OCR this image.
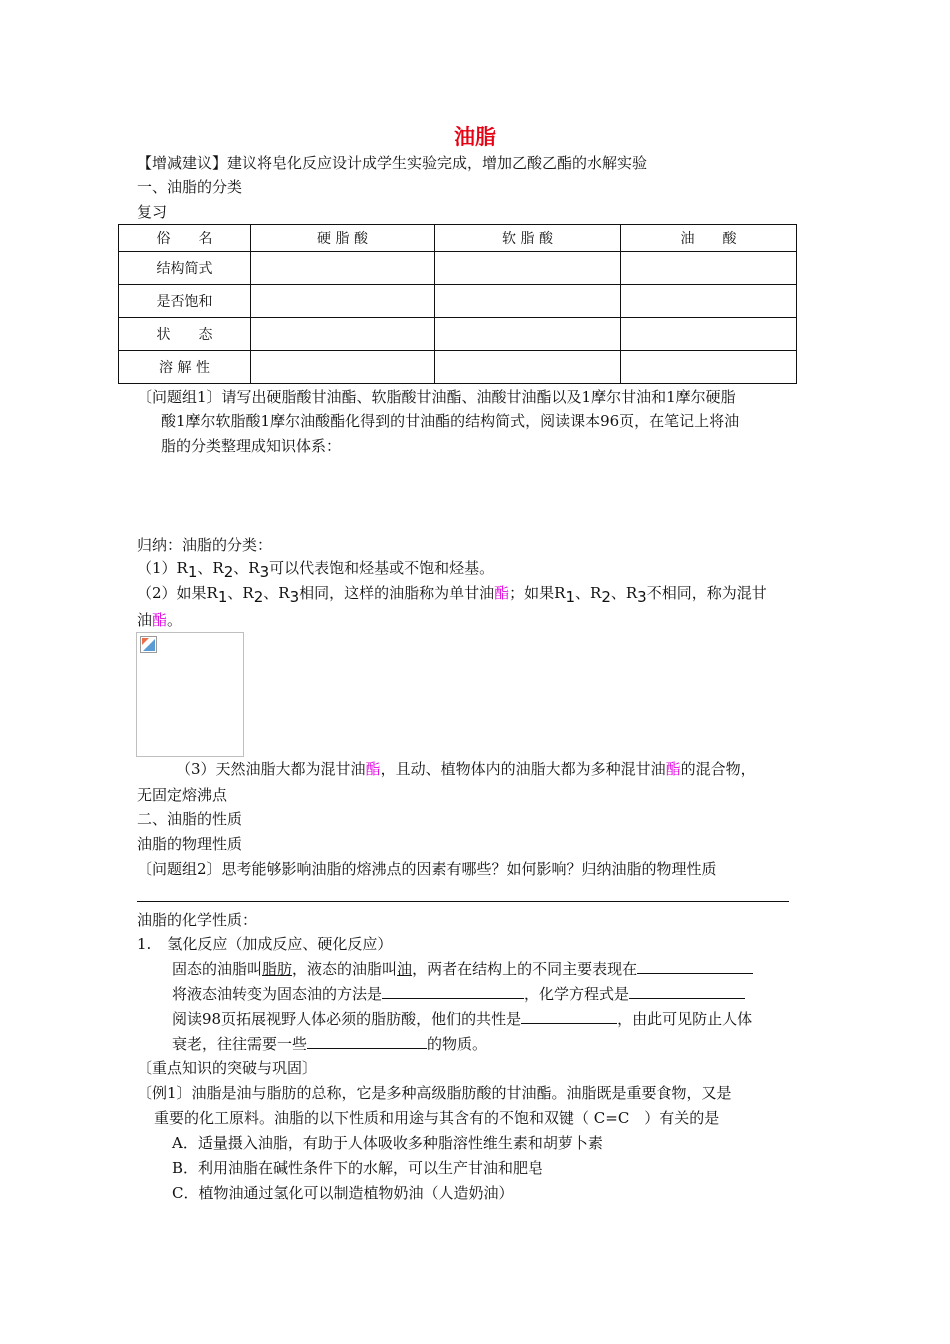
油脂
【增减建议】建议将皂化反应设计成学生实验完成，增加乙酸乙酯的水解实验
一、油脂的分类
复习
俗　　名	硬 脂 酸	软 脂 酸	油　　酸
结构简式			
是否饱和			
状　　态			
溶 解 性			
〔问题组1〕请写出硬脂酸甘油酯、软脂酸甘油酯、油酸甘油酯以及1摩尔甘油和1摩尔硬脂
酸1摩尔软脂酸1摩尔油酸酯化得到的甘油酯的结构简式，阅读课本96页，在笔记上将油
脂的分类整理成知识体系：
归纳：油脂的分类：
（1）R1、R2、R3可以代表饱和烃基或不饱和烃基。
（2）如果R1、R2、R3相同，这样的油脂称为单甘油酯；如果R1、R2、R3不相同，称为混甘
油酯。
（3）天然油脂大都为混甘油酯，且动、植物体内的油脂大都为多种混甘油酯的混合物，
无固定熔沸点
二、油脂的性质
油脂的物理性质
〔问题组2〕思考能够影响油脂的熔沸点的因素有哪些？如何影响？归纳油脂的物理性质
油脂的化学性质：
1. 氢化反应（加成反应、硬化反应）
固态的油脂叫脂肪，液态的油脂叫油，两者在结构上的不同主要表现在
将液态油转变为固态油的方法是	，化学方程式是
阅读98页拓展视野人体必须的脂肪酸，他们的共性是	，由此可见防止人体
衰老，往往需要一些	的物质。
〔重点知识的突破与巩固〕
〔例1〕油脂是油与脂肪的总称，它是多种高级脂肪酸的甘油酯。油脂既是重要食物，又是
重要的化工原料。油脂的以下性质和用途与其含有的不饱和双键（ C=C　）有关的是
A．适量摄入油脂，有助于人体吸收多种脂溶性维生素和胡萝卜素
B．利用油脂在碱性条件下的水解，可以生产甘油和肥皂
C．植物油通过氢化可以制造植物奶油（人造奶油）
